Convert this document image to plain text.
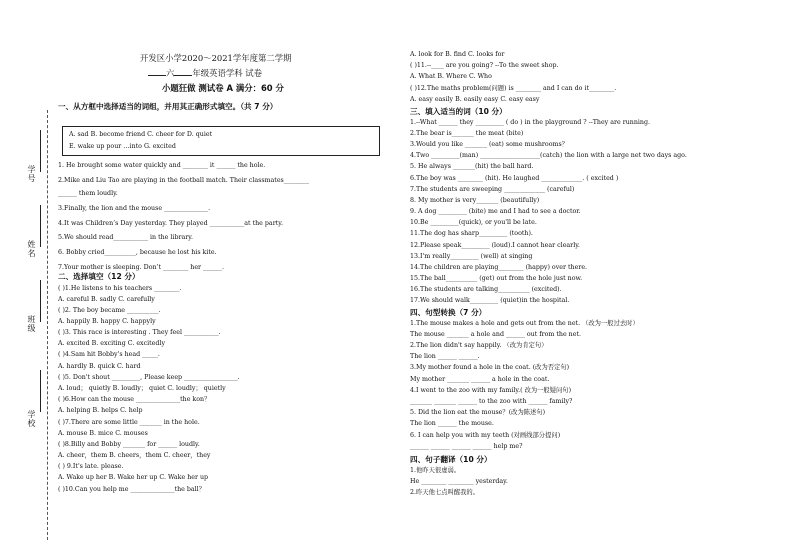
学号
姓名
班级
学校
开发区小学2020～2021学年度第二学期
六 年级英语学科 试卷
小题狂做 测试卷 A 满分：60 分
一、从方框中选择适当的词组，并用其正确形式填空。（共 7 分）
A. sad B. become friend C. cheer for D. quiet
E. wake up pour …into G. excited
1. He brought some water quickly and ________ it ______ the hole.
2.Mike and Liu Tao are playing in the football match. Their classmates________
______ them loudly.
3.Finally, the lion and the mouse ______________.
4.It was Children’s Day yesterday. They played ___________at the party.
5.We should read___________ in the library.
6. Bobby cried__________, because he lost his kite.
7.Your mother is sleeping. Don’t ________ her ______.
二、选择填空（12 分）
( )1.He listens to his teachers ________.
A. careful B. sadly C. carefully
( )2. The boy became __________.
A. happily B. happy C. happyly
( )3. This race is interesting . They feel ___________.
A. excited B. exciting C. excitedly
( )4.Sam hit Bobby's head _____.
A. hardly B. quick C. hard
( )5. Don't shout _________, Please keep _________________.
A. loud； quietly B. loudly； quiet C. loudly； quietly
( )6.How can the mouse ______________the kon？
A. helping B. helps C. help
( )7.There are some little _______ in the hole.
A. mouse B. mice C. mouses
( )8.Billy and Bobby _______ for ______ loudly.
A. cheer，them B. cheers，them C. cheer，they
( ) 9.It's late. please.
A. Wake up her B. Wake her up C. Wake her up
( )10.Can you help me ______________the ball？
A. look for B. find C. looks for
( )11.--____ are you going? --To the sweet shop.
A. What B. Where C. Who
( )12.The maths problem(问题) is ________ and I can do it________.
A. easy easily B. easily easy C. easy easy
三、填入适当的词（10 分）
1.--What ______ they _________ ( do ) in the playground ? --They are running.
2.The bear is_______ the meat (bite)
3.Would you like _______ (eat) some mushrooms？
4.Two _________(man) ___________________(catch) the lion with a large net two days ago.
5. He always _______(hit) the ball hard.
6.The boy was ________ (hit). He laughed _____________. ( excited )
7.The students are sweeping _____________ (careful)
8. My mother is very_______ (beautifully)
9. A dog _________ (bite) me and I had to see a doctor.
10.Be _________(quick), or you'll be late.
11.The dog has sharp_________ (tooth).
12.Please speak_________ (loud).I cannot hear clearly.
13.I'm really_________ (well) at singing
14.The children are playing________ (happy) over there.
15.The ball__________ (get) out from the hole just now.
16.The students are talking__________ (excited).
17.We should walk_________ (quiet)in the hospital.
四、句型转换（7 分）
1.The mouse makes a hole and gets out from the net. （改为一般过去时）
The mouse _______ a hole and ______ out from the net.
2.The lion didn't say happily. （改为肯定句）
The lion ______ ______.
3.My mother found a hole in the coat. (改为否定句)
My mother _______ ______ a hole in the coat.
4.I went to the zoo with my family.( 改为一般疑问句)
_______ _______ ______ to the zoo with ______ family?
5. Did the lion eat the mouse？(改为陈述句)
The lion ______ the mouse.
6. I can help you with my teeth (对画线部分提问)
______ ______ ______ ______ help me?
四、句子翻译（10 分）
1.他昨天很虚弱。
He ________ ________ yesterday.
2.昨天他七点叫醒我的。
